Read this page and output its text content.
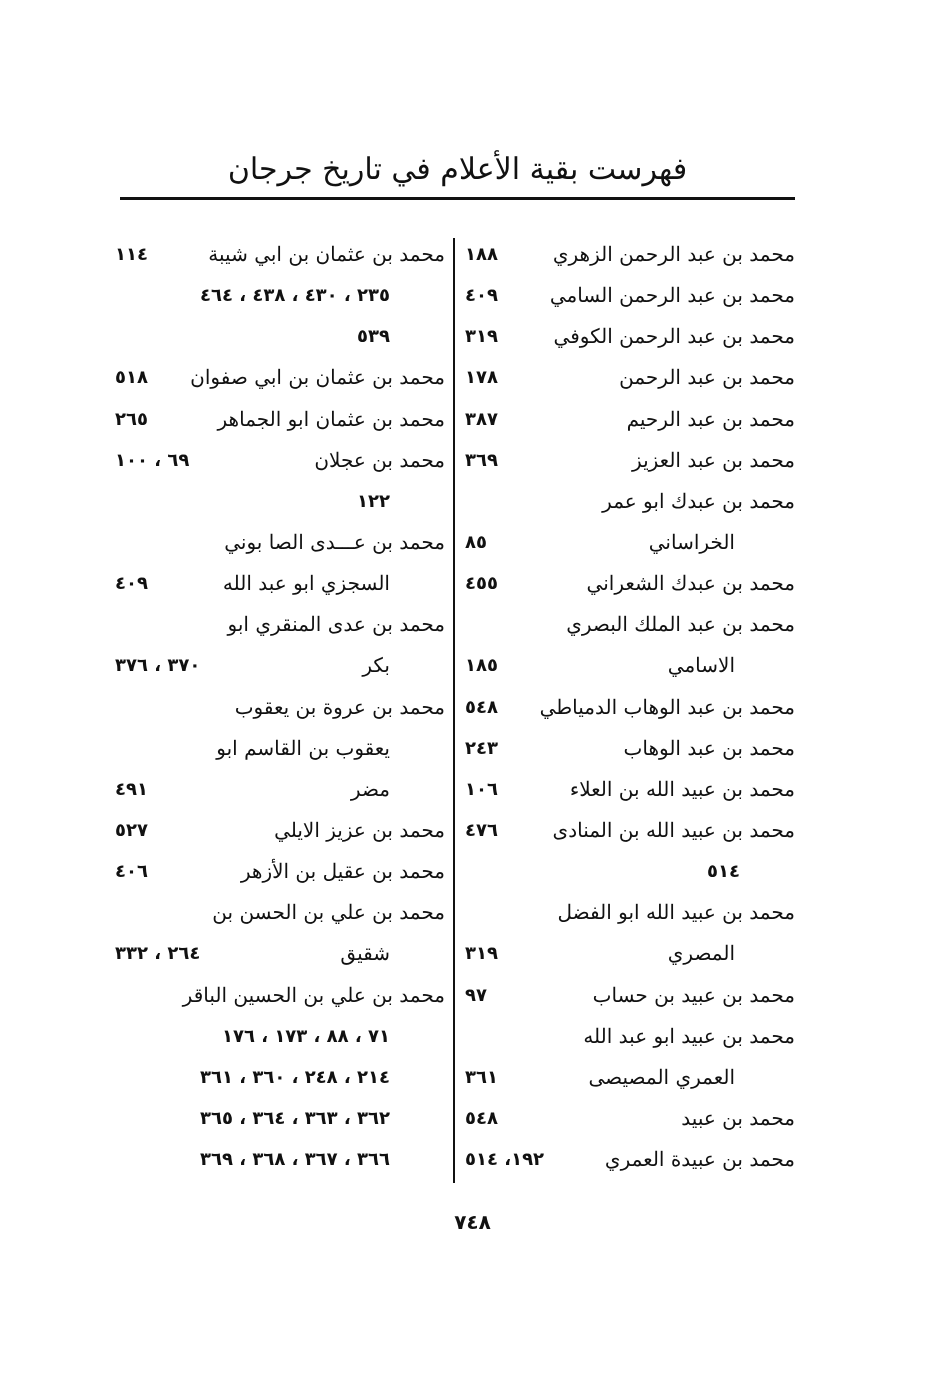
فهرست بقية الأعلام في تاريخ جرجان
محمد بن عبد الرحمن الزهري
١٨٨
محمد بن عبد الرحمن السامي
٤٠٩
محمد بن عبد الرحمن الكوفي
٣١٩
محمد بن عبد الرحمن
١٧٨
محمد بن عبد الرحيم
٣٨٧
محمد بن عبد العزيز
٣٦٩
محمد بن عبدك ابو عمر
الخراساني
٨٥
محمد بن عبدك الشعراني
٤٥٥
محمد بن عبد الملك البصري
الاسامي
١٨٥
محمد بن عبد الوهاب الدمياطي
٥٤٨
محمد بن عبد الوهاب
٢٤٣
محمد بن عبيد الله بن العلاء
١٠٦
محمد بن عبيد الله بن المنادى
٤٧٦
٥١٤
محمد بن عبيد الله ابو الفضل
المصري
٣١٩
محمد بن عبيد بن حساب
٩٧
محمد بن عبيد ابو عبد الله
العمري المصيصى
٣٦١
محمد بن عبيد
٥٤٨
محمد بن عبيدة العمري
١٩٢، ٥١٤
محمد بن عثمان بن ابي شيبة
١١٤
٢٣٥ ، ٤٣٠ ، ٤٣٨ ، ٤٦٤
٥٣٩
محمد بن عثمان بن ابي صفوان
٥١٨
محمد بن عثمان ابو الجماهر
٢٦٥
محمد بن عجلان
٦٩ ، ١٠٠
١٢٢
محمد بن عـــدى الصا بوني
السجزي ابو عبد الله
٤٠٩
محمد بن عدى المنقري ابو
بكر
٣٧٠ ، ٣٧٦
محمد بن عروة بن يعقوب
يعقوب بن القاسم ابو
مضر
٤٩١
محمد بن عزيز الايلي
٥٢٧
محمد بن عقيل بن الأزهر
٤٠٦
محمد بن علي بن الحسن بن
شقيق
٢٦٤ ، ٣٣٢
محمد بن علي بن الحسين الباقر
٧١ ، ٨٨ ، ١٧٣ ، ١٧٦
٢١٤ ، ٢٤٨ ، ٣٦٠ ، ٣٦١
٣٦٢ ، ٣٦٣ ، ٣٦٤ ، ٣٦٥
٣٦٦ ، ٣٦٧ ، ٣٦٨ ، ٣٦٩
٧٤٨
